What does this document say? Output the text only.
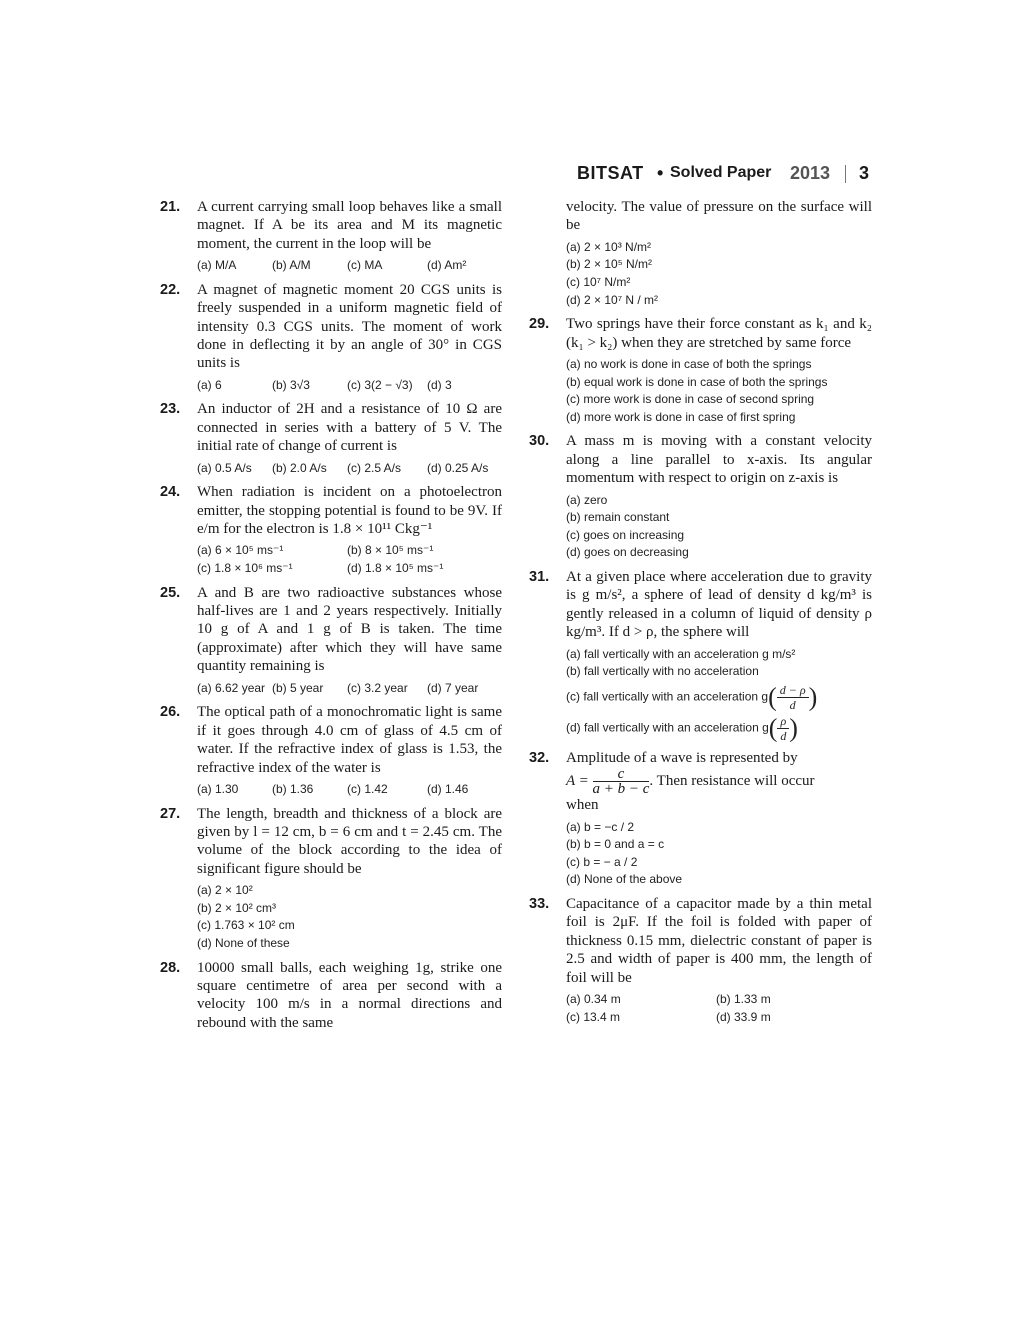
BITSAT • Solved Paper 2013 3
21. A current carrying small loop behaves like a small magnet. If A be its area and M its magnetic moment, the current in the loop will be
(a) M/A	(b) A/M	(c) MA	(d) Am²
22. A magnet of magnetic moment 20 CGS units is freely suspended in a uniform magnetic field of intensity 0.3 CGS units. The moment of work done in deflecting it by an angle of 30° in CGS units is
(a) 6	(b) 3√3	(c) 3(2 − √3)	(d) 3
23. An inductor of 2H and a resistance of 10 Ω are connected in series with a battery of 5 V. The initial rate of change of current is
(a) 0.5 A/s	(b) 2.0 A/s	(c) 2.5 A/s	(d) 0.25 A/s
24. When radiation is incident on a photoelectron emitter, the stopping potential is found to be 9V. If e/m for the electron is 1.8 × 10¹¹ Ckg⁻¹
(a) 6 × 10⁵ ms⁻¹	(b) 8 × 10⁵ ms⁻¹
(c) 1.8 × 10⁶ ms⁻¹	(d) 1.8 × 10⁵ ms⁻¹
25. A and B are two radioactive substances whose half-lives are 1 and 2 years respectively. Initially 10 g of A and 1 g of B is taken. The time (approximate) after which they will have same quantity remaining is
(a) 6.62 year (b) 5 year	(c) 3.2 year	(d) 7 year
26. The optical path of a monochromatic light is same if it goes through 4.0 cm of glass of 4.5 cm of water. If the refractive index of glass is 1.53, the refractive index of the water is
(a) 1.30	(b) 1.36	(c) 1.42	(d) 1.46
27. The length, breadth and thickness of a block are given by l = 12 cm, b = 6 cm and t = 2.45 cm. The volume of the block according to the idea of significant figure should be
(a) 2 × 10²
(b) 2 × 10² cm³
(c) 1.763 × 10² cm
(d) None of these
28. 10000 small balls, each weighing 1g, strike one square centimetre of area per second with a velocity 100 m/s in a normal directions and rebound with the same
velocity. The value of pressure on the surface will be
(a) 2 × 10³ N/m²
(b) 2 × 10⁵ N/m²
(c) 10⁷ N/m²
(d) 2 × 10⁷ N / m²
29. Two springs have their force constant as k₁ and k₂ (k₁ > k₂) when they are stretched by same force
(a) no work is done in case of both the springs
(b) equal work is done in case of both the springs
(c) more work is done in case of second spring
(d) more work is done in case of first spring
30. A mass m is moving with a constant velocity along a line parallel to x-axis. Its angular momentum with respect to origin on z-axis is
(a) zero
(b) remain constant
(c) goes on increasing
(d) goes on decreasing
31. At a given place where acceleration due to gravity is g m/s², a sphere of lead of density d kg/m³ is gently released in a column of liquid of density ρ kg/m³. If d > ρ, the sphere will
(a) fall vertically with an acceleration g m/s²
(b) fall vertically with no acceleration
(c) fall vertically with an acceleration $g( \frac{d - \rho}{d}$ )
(d) fall vertically with an acceleration $g( \frac{\rho}{d}$ )
32. Amplitude of a wave is represented by
$A = \frac{c}{a + b - c}$ . Then resistance will occur
when
(a) b = −c / 2
(b) b = 0 and a = c
(c) b = − a / 2
(d) None of the above
33. Capacitance of a capacitor made by a thin metal foil is 2μF. If the foil is folded with paper of thickness 0.15 mm, dielectric constant of paper is 2.5 and width of paper is 400 mm, the length of foil will be
(a) 0.34 m	(b) 1.33 m
(c) 13.4 m	(d) 33.9 m
